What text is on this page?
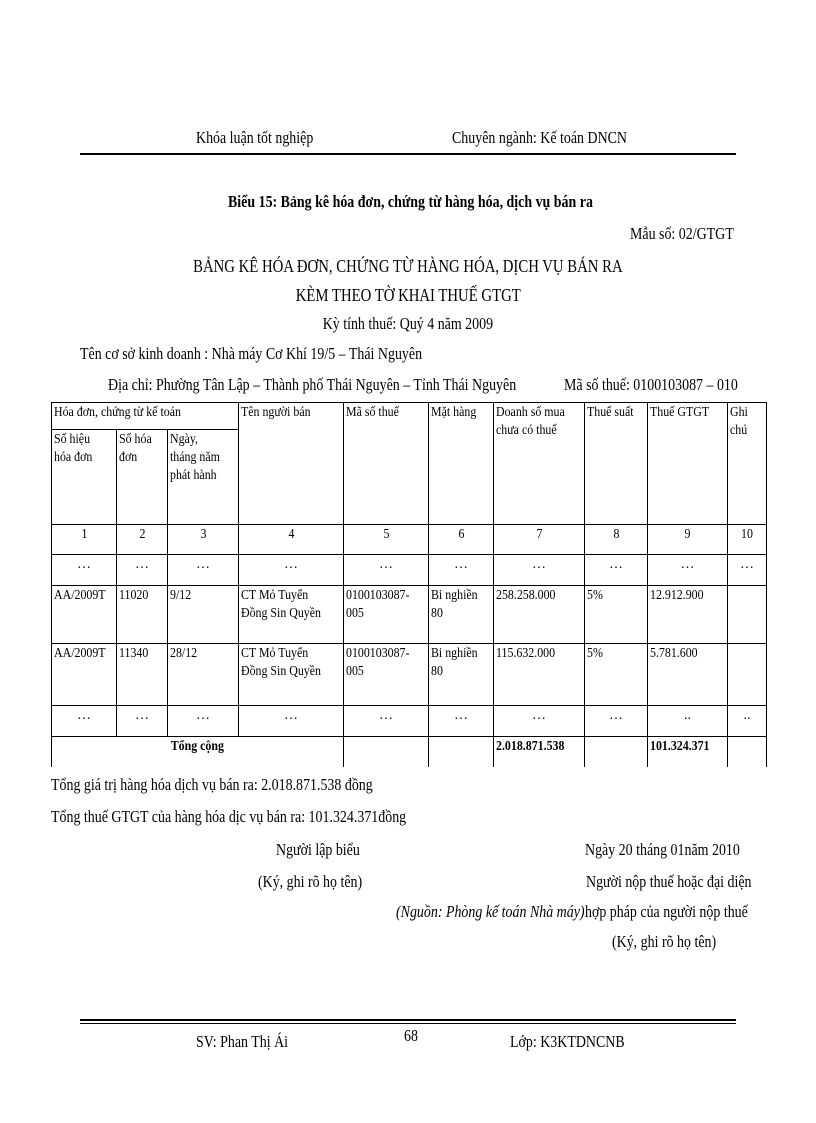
Khóa luận tốt nghiệp	Chuyên ngành: Kế toán DNCN
Biểu 15: Bảng kê hóa đơn, chứng từ hàng hóa, dịch vụ bán ra
Mẫu số: 02/GTGT
BẢNG KÊ HÓA ĐƠN, CHỨNG TỪ HÀNG HÓA, DỊCH VỤ BÁN RA
KÈM THEO TỜ KHAI THUẾ GTGT
Kỳ tính thuế: Quý 4 năm 2009
Tên cơ sở kinh doanh : Nhà máy Cơ Khí 19/5 – Thái Nguyên
Địa chỉ: Phường Tân Lập – Thành phố Thái Nguyên – Tỉnh Thái Nguyên	Mã số thuế: 0100103087 – 010
Hóa đơn, chứng từ kế toán			Tên người bán	Mã số thuế	Mặt hàng	Doanh số mua chưa có thuế	Thuế suất	Thuế GTGT	Ghi chú
Số hiệu hóa đơn	Số hóa đơn	Ngày, tháng năm phát hành							
1	2	3	4	5	6	7	8	9	10
…	…	…	…	…	…	…	…	…	…
AA/2009T	11020	9/12	CT Mỏ Tuyển Đồng Sin Quyền	0100103087-005	Bi nghiền 80	258.258.000	5%	12.912.900	
AA/2009T	11340	28/12	CT Mỏ Tuyển Đồng Sin Quyền	0100103087-005	Bi nghiền 80	115.632.000	5%	5.781.600	
…	…	…	…	…	…	…	…	..	..
Tổng cộng						2.018.871.538		101.324.371	
Tổng giá trị hàng hóa dịch vụ bán ra: 2.018.871.538 đồng
Tổng thuế GTGT của hàng hóa dịc vụ bán ra: 101.324.371đồng
Người lập biểu
(Ký, ghi rõ họ tên)
Ngày 20 tháng 01năm 2010
Người nộp thuế hoặc đại diện
(Nguồn: Phòng kế toán Nhà máy) hợp pháp của người nộp thuế
(Ký, ghi rõ họ tên)
SV: Phan Thị Ái	68	Lớp: K3KTDNCNB
